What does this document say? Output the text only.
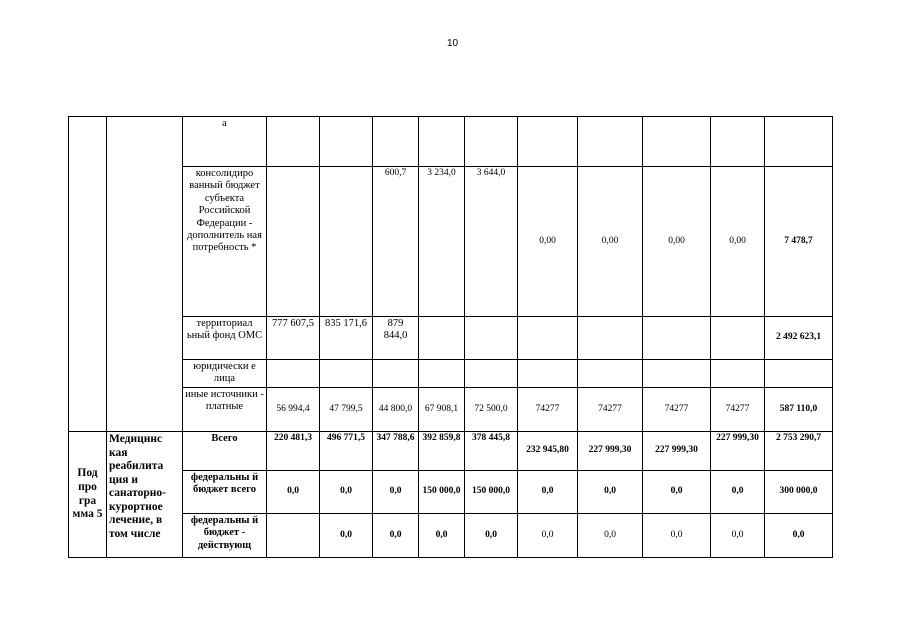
10
		а										
		консолидиро ванный бюджет субъекта Российской Федерации - дополнитель ная потребность *			600,7	3 234,0	3 644,0	0,00	0,00	0,00	0,00	7 478,7
		территориал ьный фонд ОМС	777 607,5	835 171,6	879 844,0							2 492 623,1
		юридически е лица										
		иные источники - платные	56 994,4	47 799,5	44 800,0	67 908,1	72 500,0	74277	74277	74277	74277	587 110,0
Под про гра мма 5	Медицинс кая реабилита ция и санаторно-курортное лечение, в том числе	Всего	220 481,3	496 771,5	347 788,6	392 859,8	378 445,8	232 945,80	227 999,30	227 999,30	227 999,30	2 753 290,7
		федеральны й бюджет всего	0,0	0,0	0,0	150 000,0	150 000,0	0,0	0,0	0,0	0,0	300 000,0
		федеральны й бюджет - действующ		0,0	0,0	0,0	0,0	0,0	0,0	0,0	0,0	0,0
